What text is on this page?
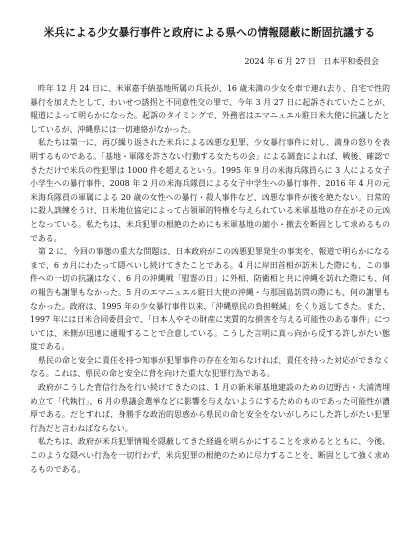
米兵による少女暴行事件と政府による県への情報隠蔽に断固抗議する
2024 年 6 月 27 日　 日本平和委員会

昨年 12 月 24 日に、米軍嘉手納基地所属の兵長が、16 歳未満の少女を車で連れ去り、自宅で性的暴行を加えたとして、わいせつ誘拐と不同意性交の罪で、今年 3 月 27 日に起訴されていたことが、報道によって明らかになった。起訴のタイミングで、外務省はエマニュエル駐日米大使に抗議したとしているが、沖縄県には一切連絡がなかった。

私たちは第一に、再び繰り返された米兵による凶悪な犯罪、少女暴行事件に対し、満身の怒りを表明するものである。「基地・軍隊を許さない行動する女たちの会」による調査によれば、戦後、確認できただけで米兵の性犯罪は 1000 件を超えるという。1995 年 9 月の米海兵隊員らに 3 人による女子小学生への暴行事件、2008 年 2 月の米海兵隊員による女子中学生への暴行事件、2016 年 4 月の元米海兵隊員の軍属による 20 歳の女性への暴行・殺人事件など、凶悪な事件が後を絶たない。日常的に殺人訓練をうけ、日米地位協定によって占領軍的特権を与えられている米軍基地の存在がその元凶となっている。私たちは、米兵犯罪の根絶のためにも米軍基地の縮小・撤去を断固として求めるものである。

第 2 に、今回の事態の重大な問題は、日本政府がこの凶悪犯罪発生の事実を、報道で明らかになるまで、6 カ月にわたって隠ぺいし続けてきたことである。4 月に岸田首相が訪米した際にも、この事件への一切の抗議はなく、6 月の沖縄戦「慰霊の日」に外相、防衛相と共に沖縄を訪れた際にも、何の報告も謝罪もなかった。5 月のエマニュエル駐日大使の沖縄・与那国島訪問の際にも、何の謝罪もなかった。政府は、1995 年の少女暴行事件以来、「沖縄県民の負担軽減」をくり返してきた。また、1997 年には日米合同委員会で、「日本人やその財産に実質的な損害を与える可能性のある事件」については、米側が迅速に通報することで合意している。こうした言明に真っ向から反する許しがたい態度である。

県民の命と安全に責任を持つ知事が犯罪事件の存在を知らなければ、責任を持った対応ができなくなる。これは、県民の命と安全に背を向けた重大な犯罪行為である。

政府がこうした背信行為を行い続けてきたのは、1 月の新米軍基地建設のための辺野古・大浦湾埋め立て「代執行」、6 月の県議会選挙などに影響を与えないようにするためのものであった可能性が濃厚である。だとすれば、身勝手な政治的思惑から県民の命と安全をないがしろにした許しがたい犯罪行為だと言わねばならない。

私たちは、政府が米兵犯罪情報を隠蔽してきた経過を明らかにすることを求めるとともに、今後、このような隠ぺい行為を一切行わず、米兵犯罪の根絶のために尽力することを、断固として強く求めるものである。
